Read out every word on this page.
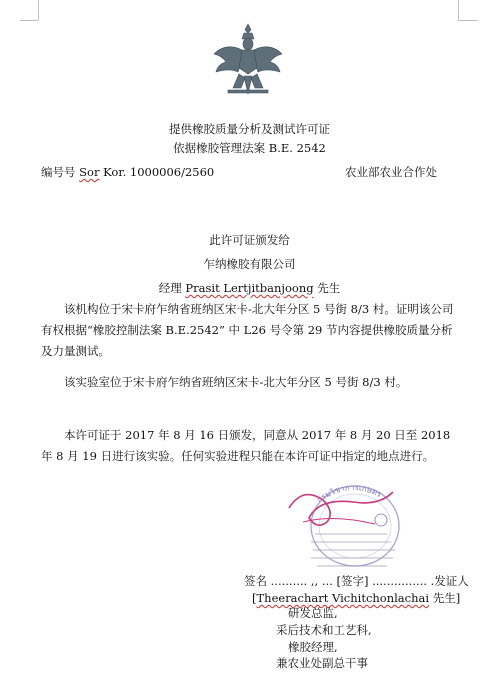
提供橡胶质量分析及测试许可证
依据橡胶管理法案 B.E. 2542
编号号 Sor Kor. 1000006/2560	农业部农业合作处
此许可证颁发给
乍纳橡胶有限公司
经理 Prasit Lertjitbanjoong 先生
该机构位于宋卡府乍纳省班纳区宋卡-北大年分区 5 号街 8/3 村。证明该公司有权根据“橡胶控制法案 B.E.2542” 中 L26 号令第 29 节内容提供橡胶质量分析及力量测试。
该实验室位于宋卡府乍纳省班纳区宋卡-北大年分区 5 号街 8/3 村。
本许可证于 2017 年 8 月 16 日颁发，同意从 2017 年 8 月 20 日至 2018 年 8 月 19 日进行该实验。任何实验进程只能在本许可证中指定的地点进行。
กรมวิชาการเกษตร
签名 .......... ,, ... [签字] ............... .发证人
[Theerachart Vichitchonlachai 先生]
研发总监,
采后技术和工艺科,
橡胶经理,
兼农业处副总干事
